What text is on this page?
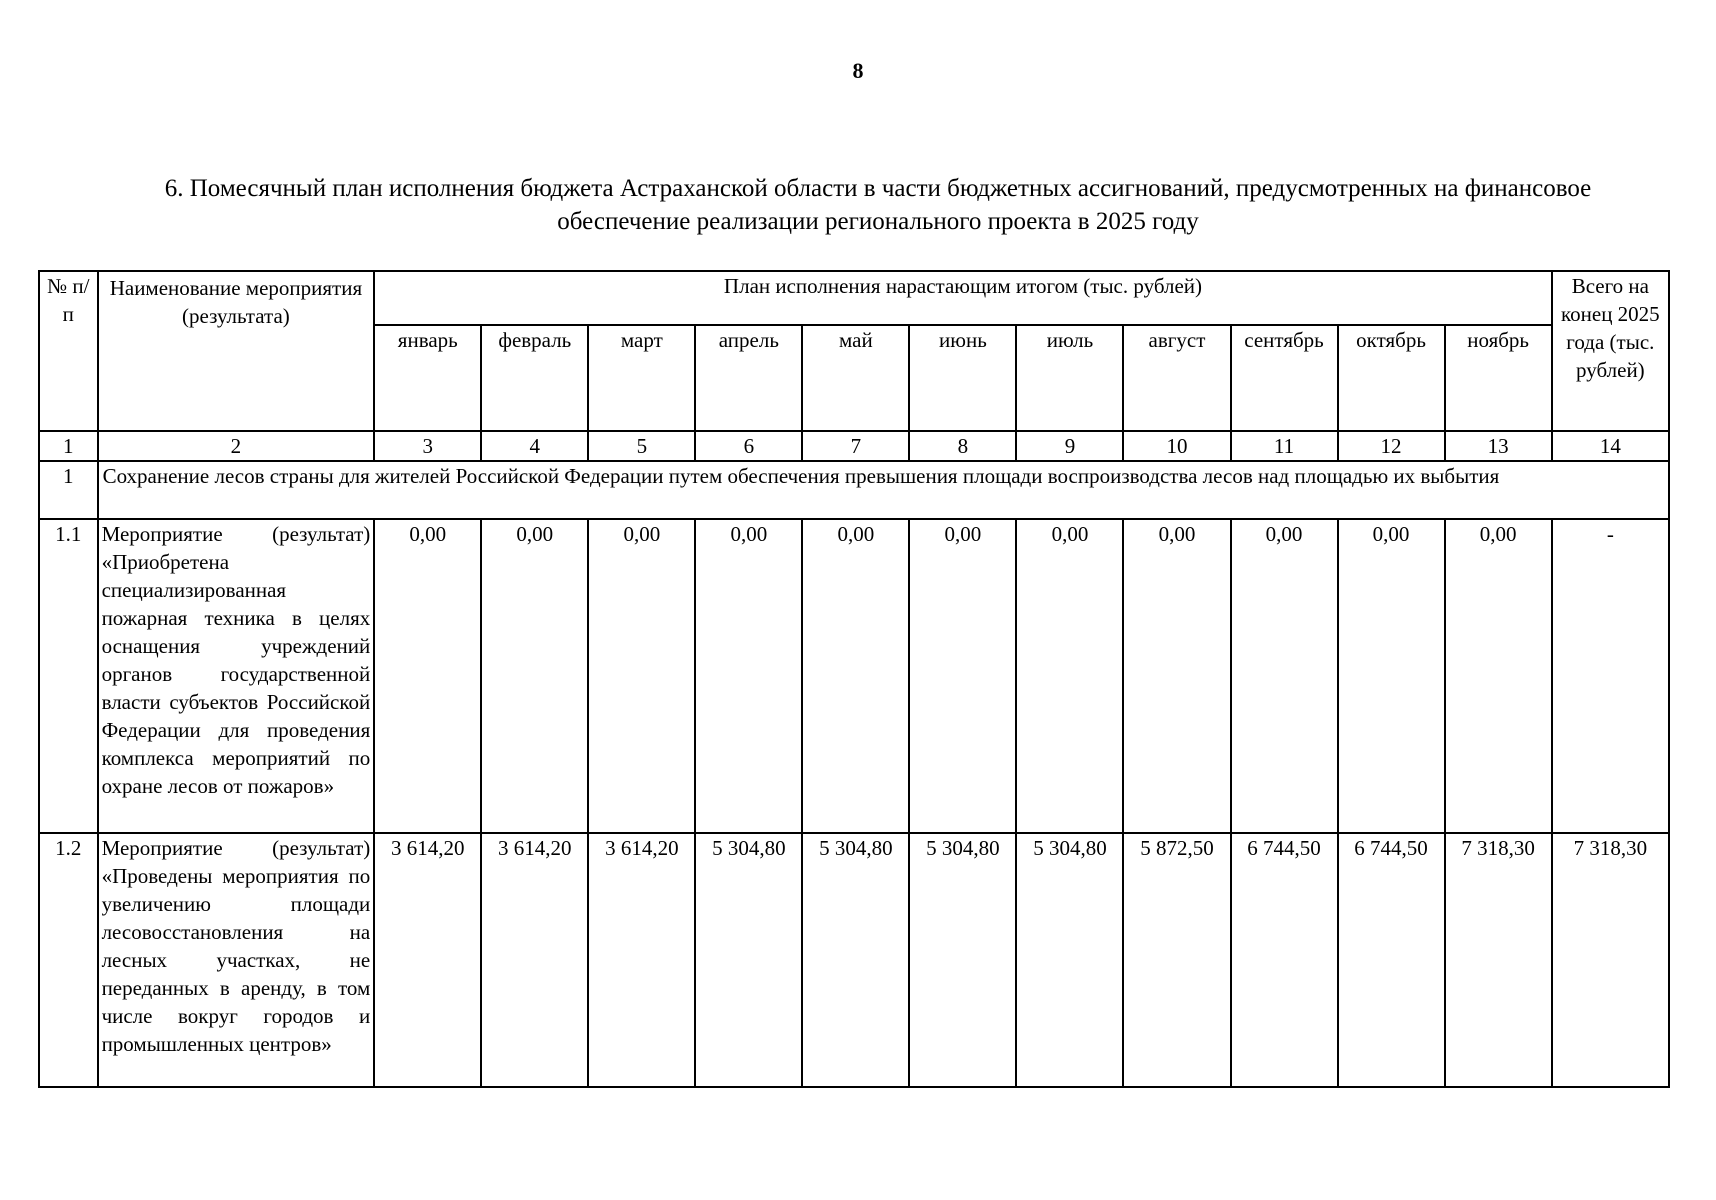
8
6. Помесячный план исполнения бюджета Астраханской области в части бюджетных ассигнований, предусмотренных на финансовое обеспечение реализации регионального проекта в 2025 году
№ п/п	Наименование мероприятия (результата)	План исполнения нарастающим итогом (тыс. рублей)											Всего на конец 2025 года (тыс. рублей)
		январь	февраль	март	апрель	май	июнь	июль	август	сентябрь	октябрь	ноябрь	
1	2	3	4	5	6	7	8	9	10	11	12	13	14
1	Сохранение лесов страны для жителей Российской Федерации путем обеспечения превышения площади воспроизводства лесов над площадью их выбытия												
1.1	Мероприятие (результат) «Приобретена специализированная пожарная техника в целях оснащения учреждений органов государственной власти субъектов Российской Федерации для проведения комплекса мероприятий по охране лесов от пожаров»	0,00	0,00	0,00	0,00	0,00	0,00	0,00	0,00	0,00	0,00	0,00	-
1.2	Мероприятие (результат) «Проведены мероприятия по увеличению площади лесовосстановления на лесных участках, не переданных в аренду, в том числе вокруг городов и промышленных центров»	3 614,20	3 614,20	3 614,20	5 304,80	5 304,80	5 304,80	5 304,80	5 872,50	6 744,50	6 744,50	7 318,30	7 318,30
